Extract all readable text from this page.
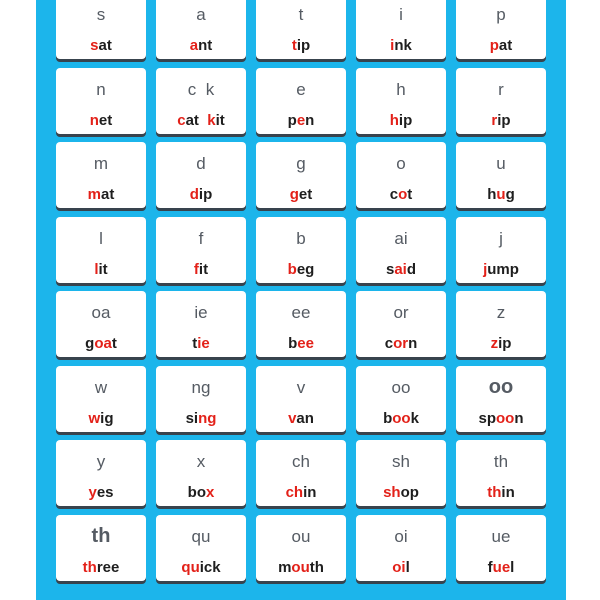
s
sat
a
ant
t
tip
i
ink
p
pat
n
net
c  k
cat  kit
e
pen
h
hip
r
rip
m
mat
d
dip
g
get
o
cot
u
hug
l
lit
f
fit
b
beg
ai
said
j
jump
oa
goat
ie
tie
ee
bee
or
corn
z
zip
w
wig
ng
sing
v
van
oo
book
oo
spoon
y
yes
x
box
ch
chin
sh
shop
th
thin
th
three
qu
quick
ou
mouth
oi
oil
ue
fuel
